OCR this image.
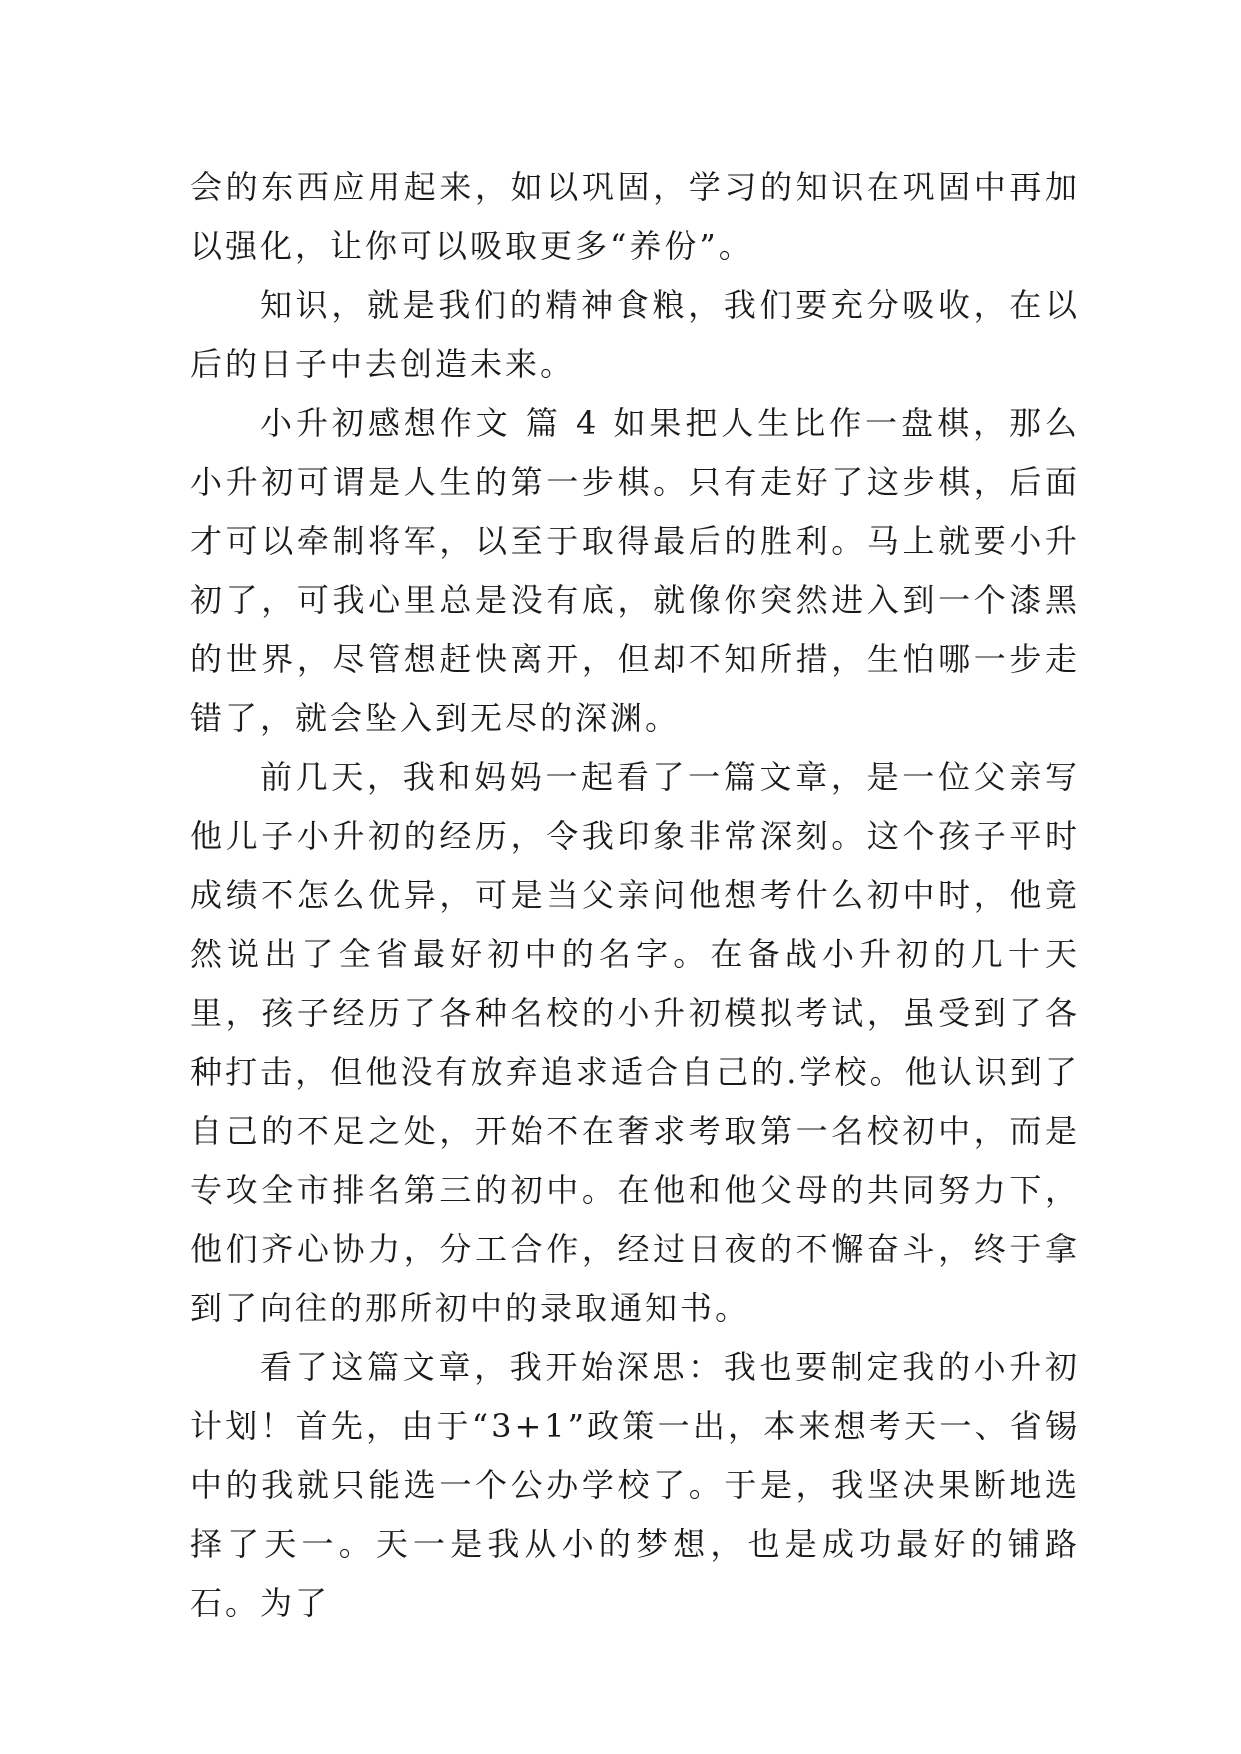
会的东西应用起来，如以巩固，学习的知识在巩固中再加以强化，让你可以吸取更多“养份”。

知识，就是我们的精神食粮，我们要充分吸收，在以后的日子中去创造未来。

小升初感想作文 篇 4 如果把人生比作一盘棋，那么小升初可谓是人生的第一步棋。只有走好了这步棋，后面才可以牵制将军，以至于取得最后的胜利。马上就要小升初了，可我心里总是没有底，就像你突然进入到一个漆黑的世界，尽管想赶快离开，但却不知所措，生怕哪一步走错了，就会坠入到无尽的深渊。

前几天，我和妈妈一起看了一篇文章，是一位父亲写他儿子小升初的经历，令我印象非常深刻。这个孩子平时成绩不怎么优异，可是当父亲问他想考什么初中时，他竟然说出了全省最好初中的名字。在备战小升初的几十天里，孩子经历了各种名校的小升初模拟考试，虽受到了各种打击，但他没有放弃追求适合自己的.学校。他认识到了自己的不足之处，开始不在奢求考取第一名校初中，而是专攻全市排名第三的初中。在他和他父母的共同努力下，他们齐心协力，分工合作，经过日夜的不懈奋斗，终于拿到了向往的那所初中的录取通知书。

看了这篇文章，我开始深思：我也要制定我的小升初计划！首先，由于“3+1”政策一出，本来想考天一、省锡中的我就只能选一个公办学校了。于是，我坚决果断地选择了天一。天一是我从小的梦想，也是成功最好的铺路石。为了
